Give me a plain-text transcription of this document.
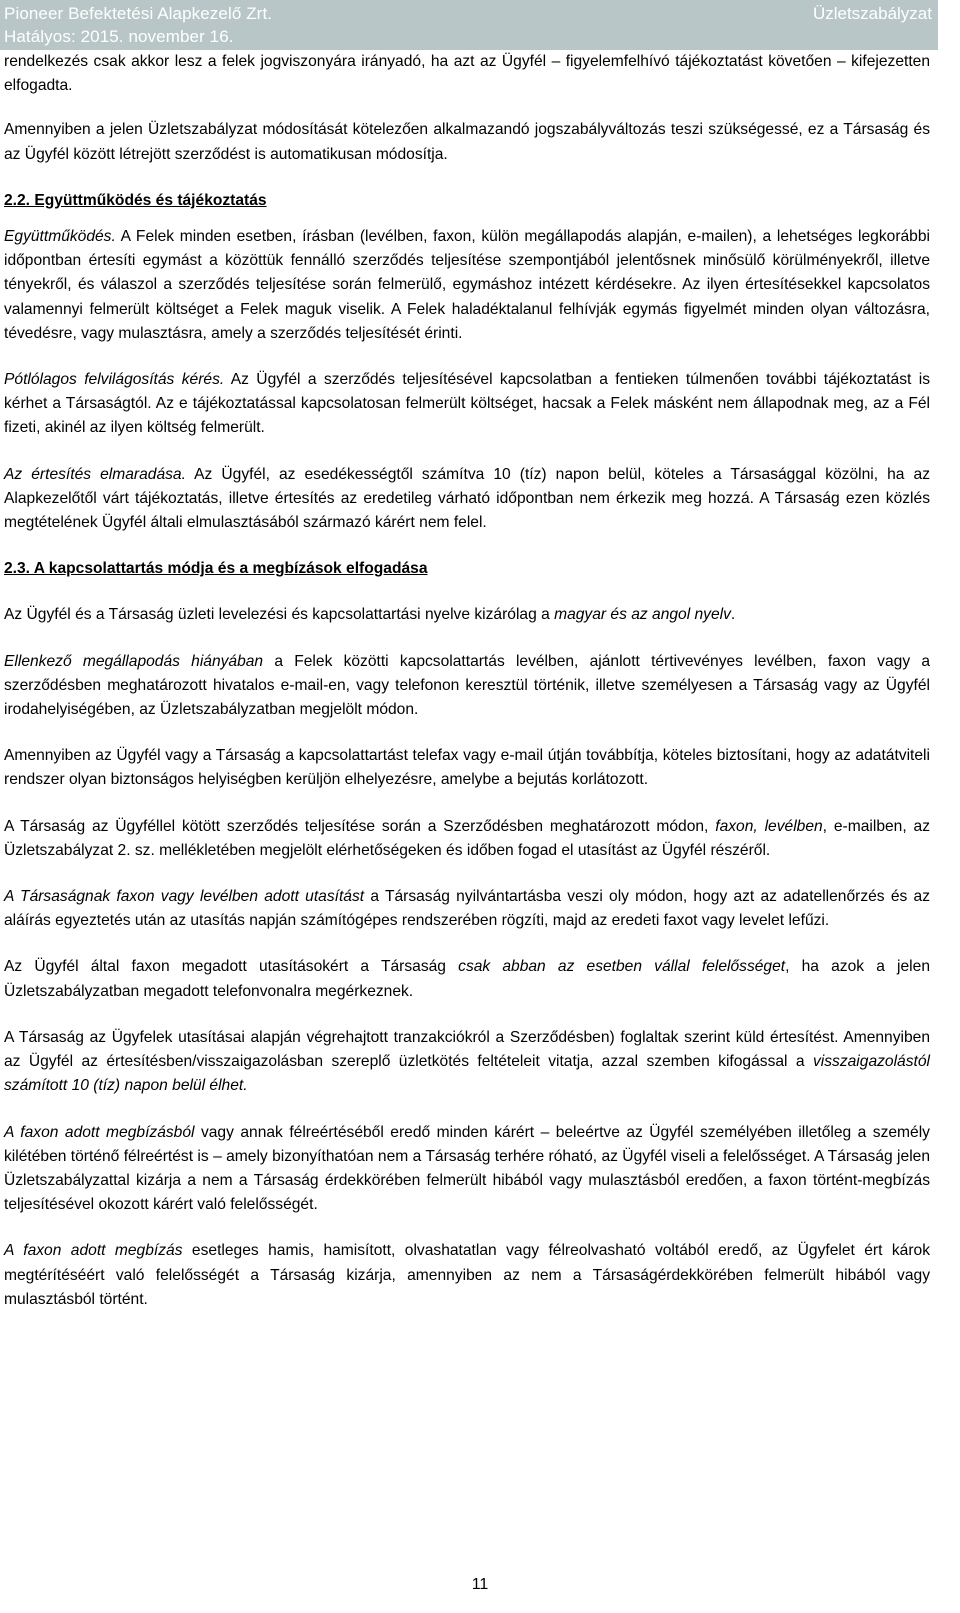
Pioneer Befektetési Alapkezelő Zrt.
Hatályos: 2015. november 16.
Üzletszabályzat

rendelkezés csak akkor lesz a felek jogviszonyára irányadó, ha azt az Ügyfél – figyelemfelhívó tájékoztatást követően – kifejezetten elfogadta.

Amennyiben a jelen Üzletszabályzat módosítását kötelezően alkalmazandó jogszabályváltozás teszi szükségessé, ez a Társaság és az Ügyfél között létrejött szerződést is automatikusan módosítja.

2.2. Együttműködés és tájékoztatás

Együttműködés. A Felek minden esetben, írásban (levélben, faxon, külön megállapodás alapján, e-mailen), a lehetséges legkorábbi időpontban értesíti egymást a közöttük fennálló szerződés teljesítése szempontjából jelentősnek minősülő körülményekről, illetve tényekről, és válaszol a szerződés teljesítése során felmerülő, egymáshoz intézett kérdésekre. Az ilyen értesítésekkel kapcsolatos valamennyi felmerült költséget a Felek maguk viselik. A Felek haladéktalanul felhívják egymás figyelmét minden olyan változásra, tévedésre, vagy mulasztásra, amely a szerződés teljesítését érinti.

Pótlólagos felvilágosítás kérés. Az Ügyfél a szerződés teljesítésével kapcsolatban a fentieken túlmenően további tájékoztatást is kérhet a Társaságtól. Az e tájékoztatással kapcsolatosan felmerült költséget, hacsak a Felek másként nem állapodnak meg, az a Fél fizeti, akinél az ilyen költség felmerült.

Az értesítés elmaradása. Az Ügyfél, az esedékességtől számítva 10 (tíz) napon belül, köteles a Társasággal közölni, ha az Alapkezelőtől várt tájékoztatás, illetve értesítés az eredetileg várható időpontban nem érkezik meg hozzá. A Társaság ezen közlés megtételének Ügyfél általi elmulasztásából származó kárért nem felel.

2.3. A kapcsolattartás módja és a megbízások elfogadása

Az Ügyfél és a Társaság üzleti levelezési és kapcsolattartási nyelve kizárólag a magyar és az angol nyelv.

Ellenkező megállapodás hiányában a Felek közötti kapcsolattartás levélben, ajánlott tértivevényes levélben, faxon vagy a szerződésben meghatározott hivatalos e-mail-en, vagy telefonon keresztül történik, illetve személyesen a Társaság vagy az Ügyfél irodahelyiségében, az Üzletszabályzatban megjelölt módon.

Amennyiben az Ügyfél vagy a Társaság a kapcsolattartást telefax vagy e-mail útján továbbítja, köteles biztosítani, hogy az adatátviteli rendszer olyan biztonságos helyiségben kerüljön elhelyezésre, amelybe a bejutás korlátozott.

A Társaság az Ügyféllel kötött szerződés teljesítése során a Szerződésben meghatározott módon, faxon, levélben, e-mailben, az Üzletszabályzat 2. sz. mellékletében megjelölt elérhetőségeken és időben fogad el utasítást az Ügyfél részéről.

A Társaságnak faxon vagy levélben adott utasítást a Társaság nyilvántartásba veszi oly módon, hogy azt az adatellenőrzés és az aláírás egyeztetés után az utasítás napján számítógépes rendszerében rögzíti, majd az eredeti faxot vagy levelet lefűzi.

Az Ügyfél által faxon megadott utasításokért a Társaság csak abban az esetben vállal felelősséget, ha azok a jelen Üzletszabályzatban megadott telefonvonalra megérkeznek.

A Társaság az Ügyfelek utasításai alapján végrehajtott tranzakciókról a Szerződésben) foglaltak szerint küld értesítést. Amennyiben az Ügyfél az értesítésben/visszaigazolásban szereplő üzletkötés feltételeit vitatja, azzal szemben kifogással a visszaigazolástól számított 10 (tíz) napon belül élhet.

A faxon adott megbízásból vagy annak félreértéséből eredő minden kárért – beleértve az Ügyfél személyében illetőleg a személy kilétében történő félreértést is – amely bizonyíthatóan nem a Társaság terhére róható, az Ügyfél viseli a felelősséget. A Társaság jelen Üzletszabályzattal kizárja a nem a Társaság érdekkörében felmerült hibából vagy mulasztásból eredően, a faxon történt-megbízás teljesítésével okozott kárért való felelősségét.

A faxon adott megbízás esetleges hamis, hamisított, olvashatatlan vagy félreolvasható voltából eredő, az Ügyfelet ért károk megtérítéséért való felelősségét a Társaság kizárja, amennyiben az nem a Társaságérdekkörében felmerült hibából vagy mulasztásból történt.

11
